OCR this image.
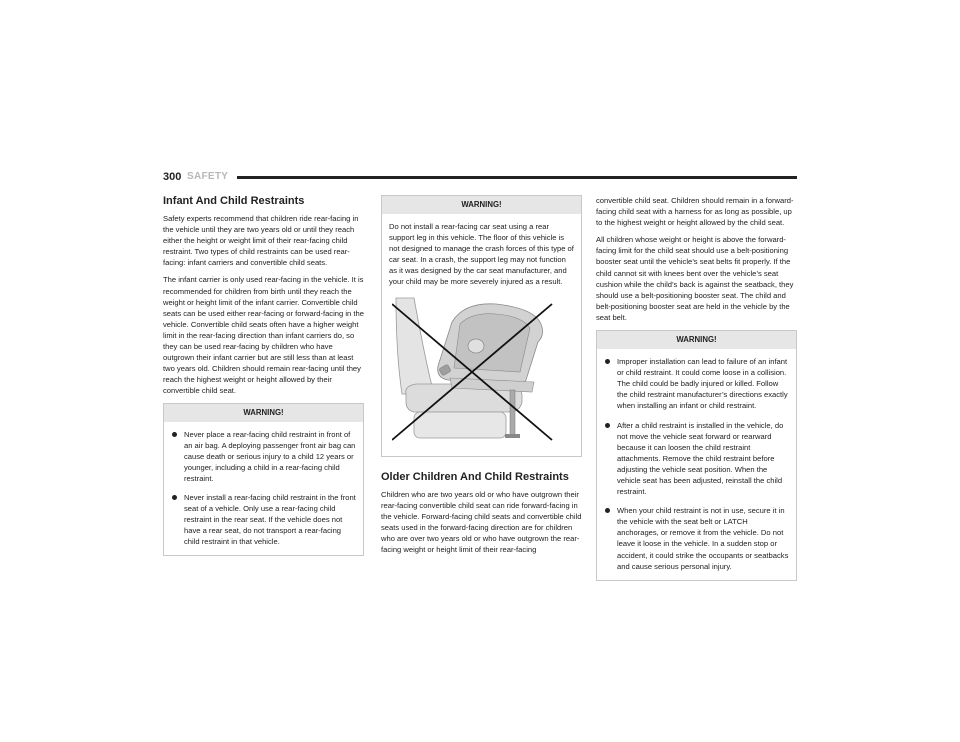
300 SAFETY
Infant And Child Restraints

Safety experts recommend that children ride rear-facing in the vehicle until they are two years old or until they reach either the height or weight limit of their rear-facing child restraint. Two types of child restraints can be used rear-facing: infant carriers and convertible child seats.

The infant carrier is only used rear-facing in the vehicle. It is recommended for children from birth until they reach the weight or height limit of the infant carrier. Convertible child seats can be used either rear-facing or forward-facing in the vehicle. Convertible child seats often have a higher weight limit in the rear-facing direction than infant carriers do, so they can be used rear-facing by children who have outgrown their infant carrier but are still less than at least two years old. Children should remain rear-facing until they reach the highest weight or height allowed by their convertible child seat.

WARNING!
Never place a rear-facing child restraint in front of an air bag. A deploying passenger front air bag can cause death or serious injury to a child 12 years or younger, including a child in a rear-facing child restraint.
Never install a rear-facing child restraint in the front seat of a vehicle. Only use a rear-facing child restraint in the rear seat. If the vehicle does not have a rear seat, do not transport a rear-facing child restraint in that vehicle.
WARNING!

Do not install a rear-facing car seat using a rear support leg in this vehicle. The floor of this vehicle is not designed to manage the crash forces of this type of car seat. In a crash, the support leg may not function as it was designed by the car seat manufacturer, and your child may be more severely injured as a result.

Older Children And Child Restraints

Children who are two years old or who have outgrown their rear-facing convertible child seat can ride forward-facing in the vehicle. Forward-facing child seats and convertible child seats used in the forward-facing direction are for children who are over two years old or who have outgrown the rear-facing weight or height limit of their rear-facing

convertible child seat. Children should remain in a forward-facing child seat with a harness for as long as possible, up to the highest weight or height allowed by the child seat.

All children whose weight or height is above the forward-facing limit for the child seat should use a belt-positioning booster seat until the vehicle’s seat belts fit properly. If the child cannot sit with knees bent over the vehicle’s seat cushion while the child’s back is against the seatback, they should use a belt-positioning booster seat. The child and belt-positioning booster seat are held in the vehicle by the seat belt.

WARNING!
Improper installation can lead to failure of an infant or child restraint. It could come loose in a collision. The child could be badly injured or killed. Follow the child restraint manufacturer’s directions exactly when installing an infant or child restraint.
After a child restraint is installed in the vehicle, do not move the vehicle seat forward or rearward because it can loosen the child restraint attachments. Remove the child restraint before adjusting the vehicle seat position. When the vehicle seat has been adjusted, reinstall the child restraint.
When your child restraint is not in use, secure it in the vehicle with the seat belt or LATCH anchorages, or remove it from the vehicle. Do not leave it loose in the vehicle. In a sudden stop or accident, it could strike the occupants or seatbacks and cause serious personal injury.
